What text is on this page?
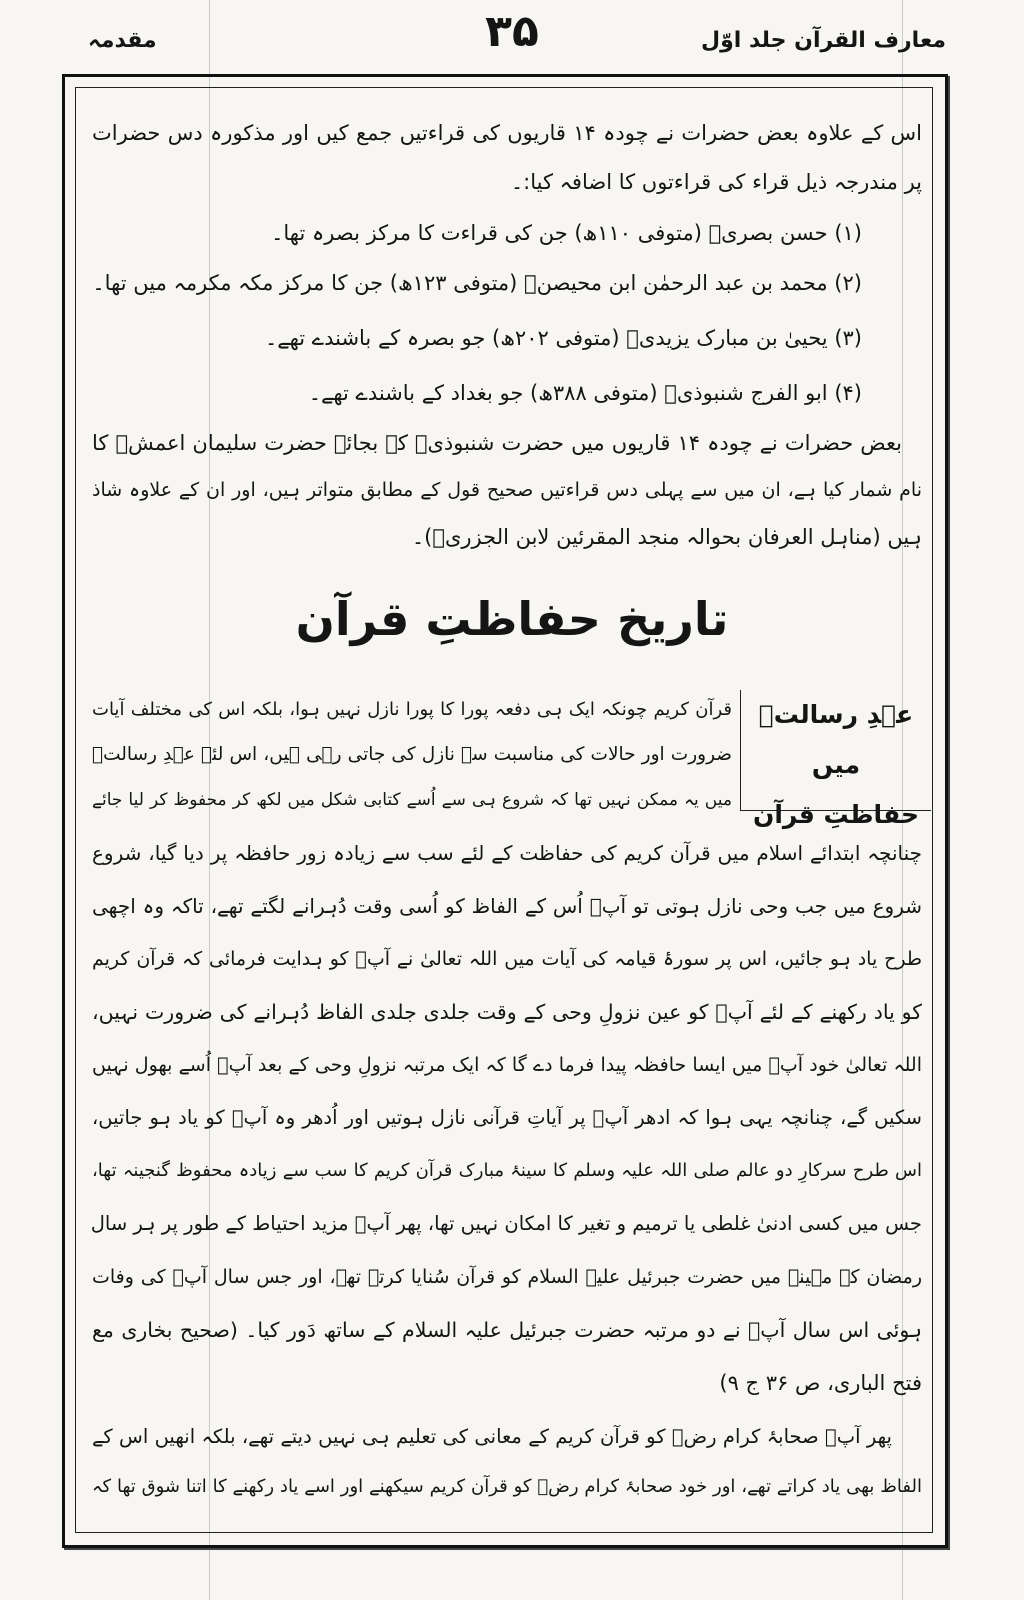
معارف القرآن جلد اوّل
۳۵
مقدمہ
اس کے علاوہ بعض حضرات نے چودہ ۱۴ قاریوں کی قراءتیں جمع کیں اور مذکورہ دس حضرات
پر مندرجہ ذیل قراء کی قراءتوں کا اضافہ کیا:۔
(۱) حسن بصریؒ (متوفی ۱۱۰ھ) جن کی قراءت کا مرکز بصرہ تھا۔
(۲) محمد بن عبد الرحمٰن ابن محیصنؒ (متوفی ۱۲۳ھ) جن کا مرکز مکہ مکرمہ میں تھا۔
(۳) یحییٰ بن مبارک یزیدیؒ (متوفی ۲۰۲ھ) جو بصرہ کے باشندے تھے۔
(۴) ابو الفرج شنبوذیؒ (متوفی ۳۸۸ھ) جو بغداد کے باشندے تھے۔
بعض حضرات نے چودہ ۱۴ قاریوں میں حضرت شنبوذیؒ کے بجائے حضرت سلیمان اعمشؒ کا
نام شمار کیا ہے، ان میں سے پہلی دس قراءتیں صحیح قول کے مطابق متواتر ہیں، اور ان کے علاوہ شاذ
ہیں (مناہل العرفان بحوالہ منجد المقرئین لابن الجزریؒ)۔
تاریخ حفاظتِ قرآن
عہدِ رسالتؐ میں
حفاظتِ قرآن
قرآن کریم چونکہ ایک ہی دفعہ پورا کا پورا نازل نہیں ہوا، بلکہ اس کی مختلف آیات
ضرورت اور حالات کی مناسبت سے نازل کی جاتی رہی ہیں، اس لئے عہدِ رسالتؐ
میں یہ ممکن نہیں تھا کہ شروع ہی سے اُسے کتابی شکل میں لکھ کر محفوظ کر لیا جائے
چنانچہ ابتدائے اسلام میں قرآن کریم کی حفاظت کے لئے سب سے زیادہ زور حافظہ پر دیا گیا، شروع
شروع میں جب وحی نازل ہوتی تو آپؐ اُس کے الفاظ کو اُسی وقت دُہرانے لگتے تھے، تاکہ وہ اچھی
طرح یاد ہو جائیں، اس پر سورۂ قیامہ کی آیات میں اللہ تعالیٰ نے آپؐ کو ہدایت فرمائی کہ قرآن کریم
کو یاد رکھنے کے لئے آپؐ کو عین نزولِ وحی کے وقت جلدی جلدی الفاظ دُہرانے کی ضرورت نہیں،
اللہ تعالیٰ خود آپؐ میں ایسا حافظہ پیدا فرما دے گا کہ ایک مرتبہ نزولِ وحی کے بعد آپؐ اُسے بھول نہیں
سکیں گے، چنانچہ یہی ہوا کہ ادھر آپؐ پر آیاتِ قرآنی نازل ہوتیں اور اُدھر وہ آپؐ کو یاد ہو جاتیں،
اس طرح سرکارِ دو عالم صلی اللہ علیہ وسلم کا سینۂ مبارک قرآن کریم کا سب سے زیادہ محفوظ گنجینہ تھا،
جس میں کسی ادنیٰ غلطی یا ترمیم و تغیر کا امکان نہیں تھا، پھر آپؐ مزید احتیاط کے طور پر ہر سال
رمضان کے مہینے میں حضرت جبرئیل علیہ السلام کو قرآن سُنایا کرتے تھے، اور جس سال آپؐ کی وفات
ہوئی اس سال آپؐ نے دو مرتبہ حضرت جبرئیل علیہ السلام کے ساتھ دَور کیا۔ (صحیح بخاری مع
فتح الباری، ص ۳۶ ج ۹)
پھر آپؐ صحابۂ کرام رضؓ کو قرآن کریم کے معانی کی تعلیم ہی نہیں دیتے تھے، بلکہ انھیں اس کے
الفاظ بھی یاد کراتے تھے، اور خود صحابۂ کرام رضؓ کو قرآن کریم سیکھنے اور اسے یاد رکھنے کا اتنا شوق تھا کہ
